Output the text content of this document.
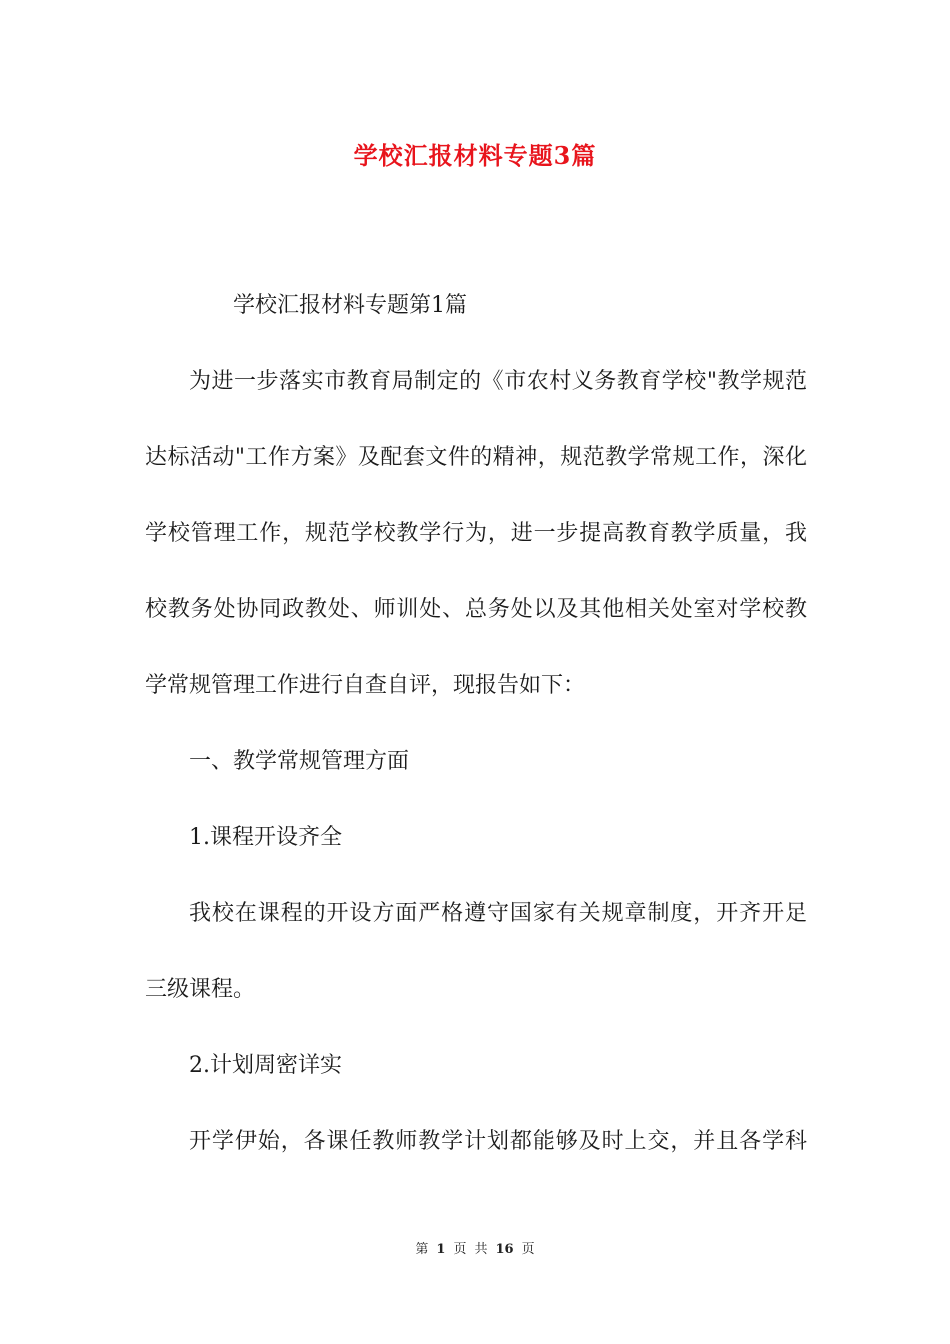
学校汇报材料专题3篇
学校汇报材料专题第1篇
为进一步落实市教育局制定的《市农村义务教育学校"教学规范
达标活动"工作方案》及配套文件的精神，规范教学常规工作，深化
学校管理工作，规范学校教学行为，进一步提高教育教学质量，我
校教务处协同政教处、师训处、总务处以及其他相关处室对学校教
学常规管理工作进行自查自评，现报告如下：
一、教学常规管理方面
1.课程开设齐全
我校在课程的开设方面严格遵守国家有关规章制度，开齐开足
三级课程。
2.计划周密详实
开学伊始，各课任教师教学计划都能够及时上交，并且各学科
第 1 页 共 16 页
